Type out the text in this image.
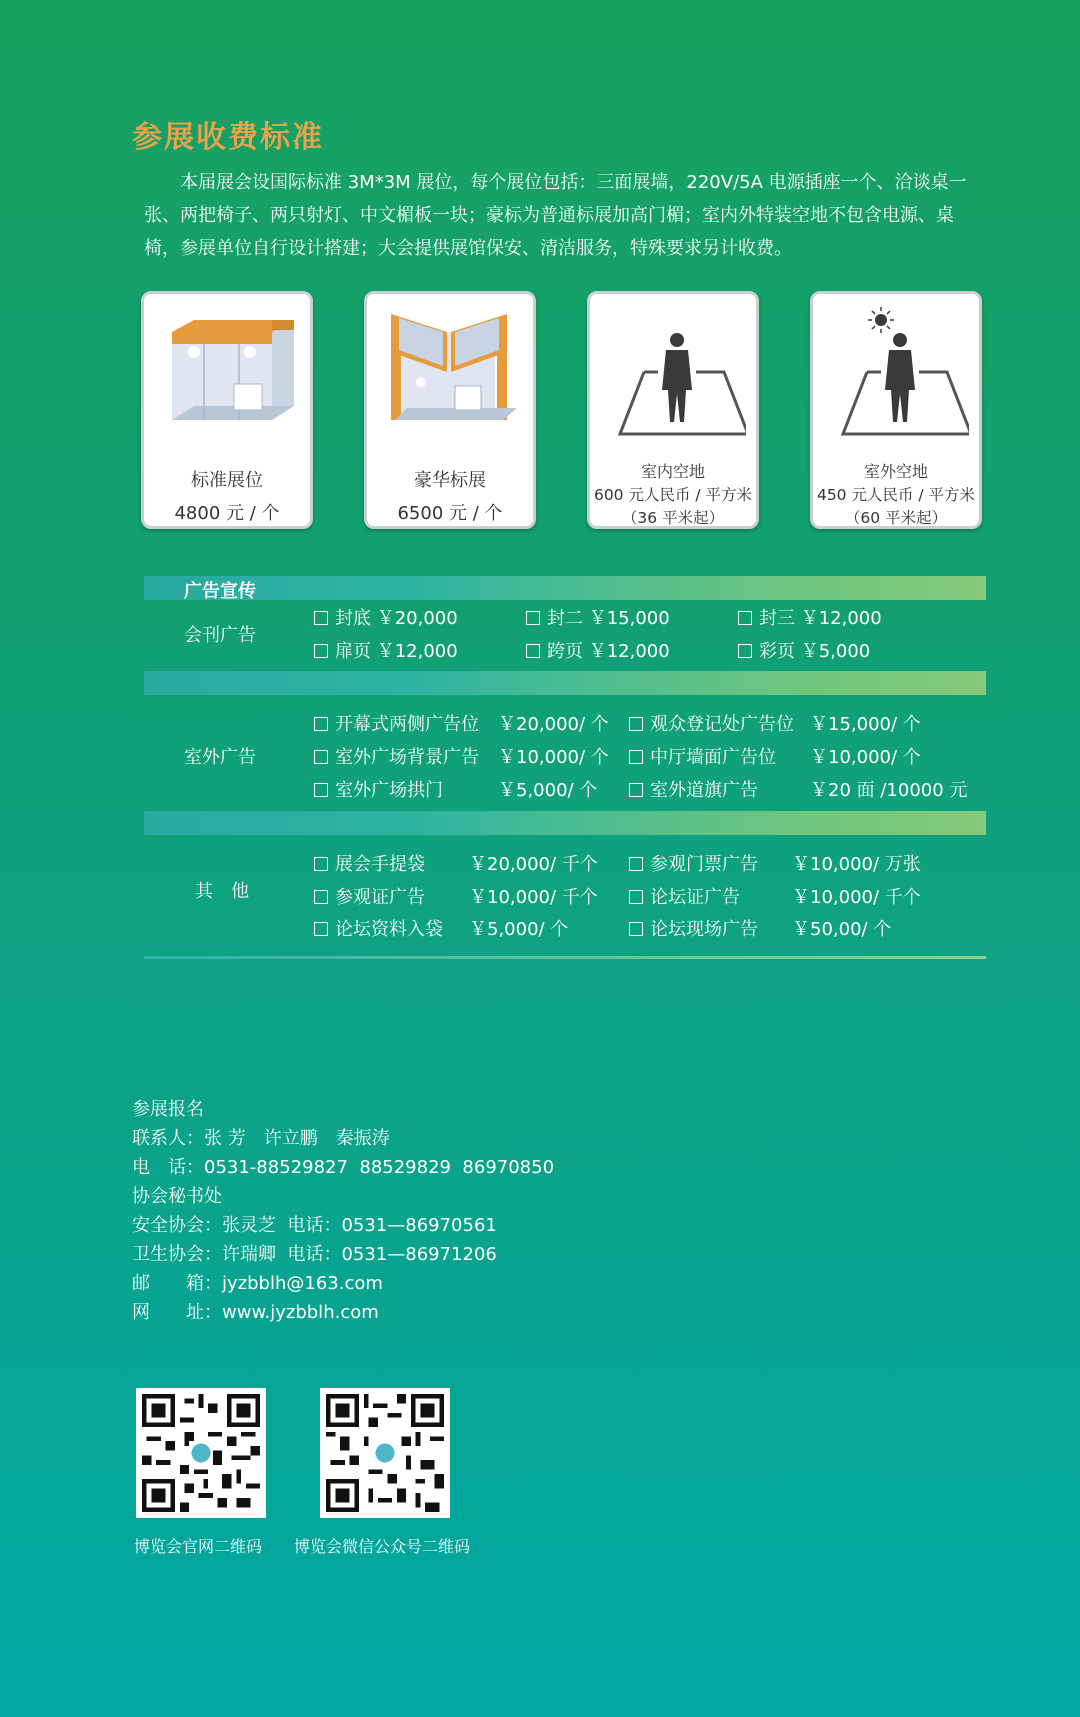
参展收费标准
本届展会设国际标准 3M*3M 展位，每个展位包括：三面展墙，220V/5A 电源插座一个、洽谈桌一张、两把椅子、两只射灯、中文楣板一块；豪标为普通标展加高门楣；室内外特装空地不包含电源、桌椅，参展单位自行设计搭建；大会提供展馆保安、清洁服务，特殊要求另计收费。
标准展位
4800 元 / 个
豪华标展
6500 元 / 个
室内空地
600 元人民币 / 平方米
（36 平米起）
室外空地
450 元人民币 / 平方米
（60 平米起）
广告宣传
会刊广告
封底 ￥20,000	封二 ￥15,000	封三 ￥12,000
扉页 ￥12,000	跨页 ￥12,000	彩页 ￥5,000
室外广告
开幕式两侧广告位 ￥20,000/ 个	观众登记处广告位 ￥15,000/ 个
室外广场背景广告 ￥10,000/ 个	中厅墙面广告位 ￥10,000/ 个
室外广场拱门	￥5,000/ 个	室外道旗广告	￥20 面 /10000 元
其　他
展会手提袋 ￥20,000/ 千个	参观门票广告 ￥10,000/ 万张
参观证广告 ￥10,000/ 千个	论坛证广告	￥10,000/ 千个
论坛资料入袋 ￥5,000/ 个	论坛现场广告 ￥50,00/ 个
参展报名
联系人：张 芳　许立鹏　秦振涛
电　话：0531-88529827  88529829  86970850
协会秘书处
安全协会：张灵芝  电话：0531—86970561
卫生协会：许瑞卿  电话：0531—86971206
邮　　箱：jyzbblh@163.com
网　　址：www.jyzbblh.com
博览会官网二维码 博览会微信公众号二维码
